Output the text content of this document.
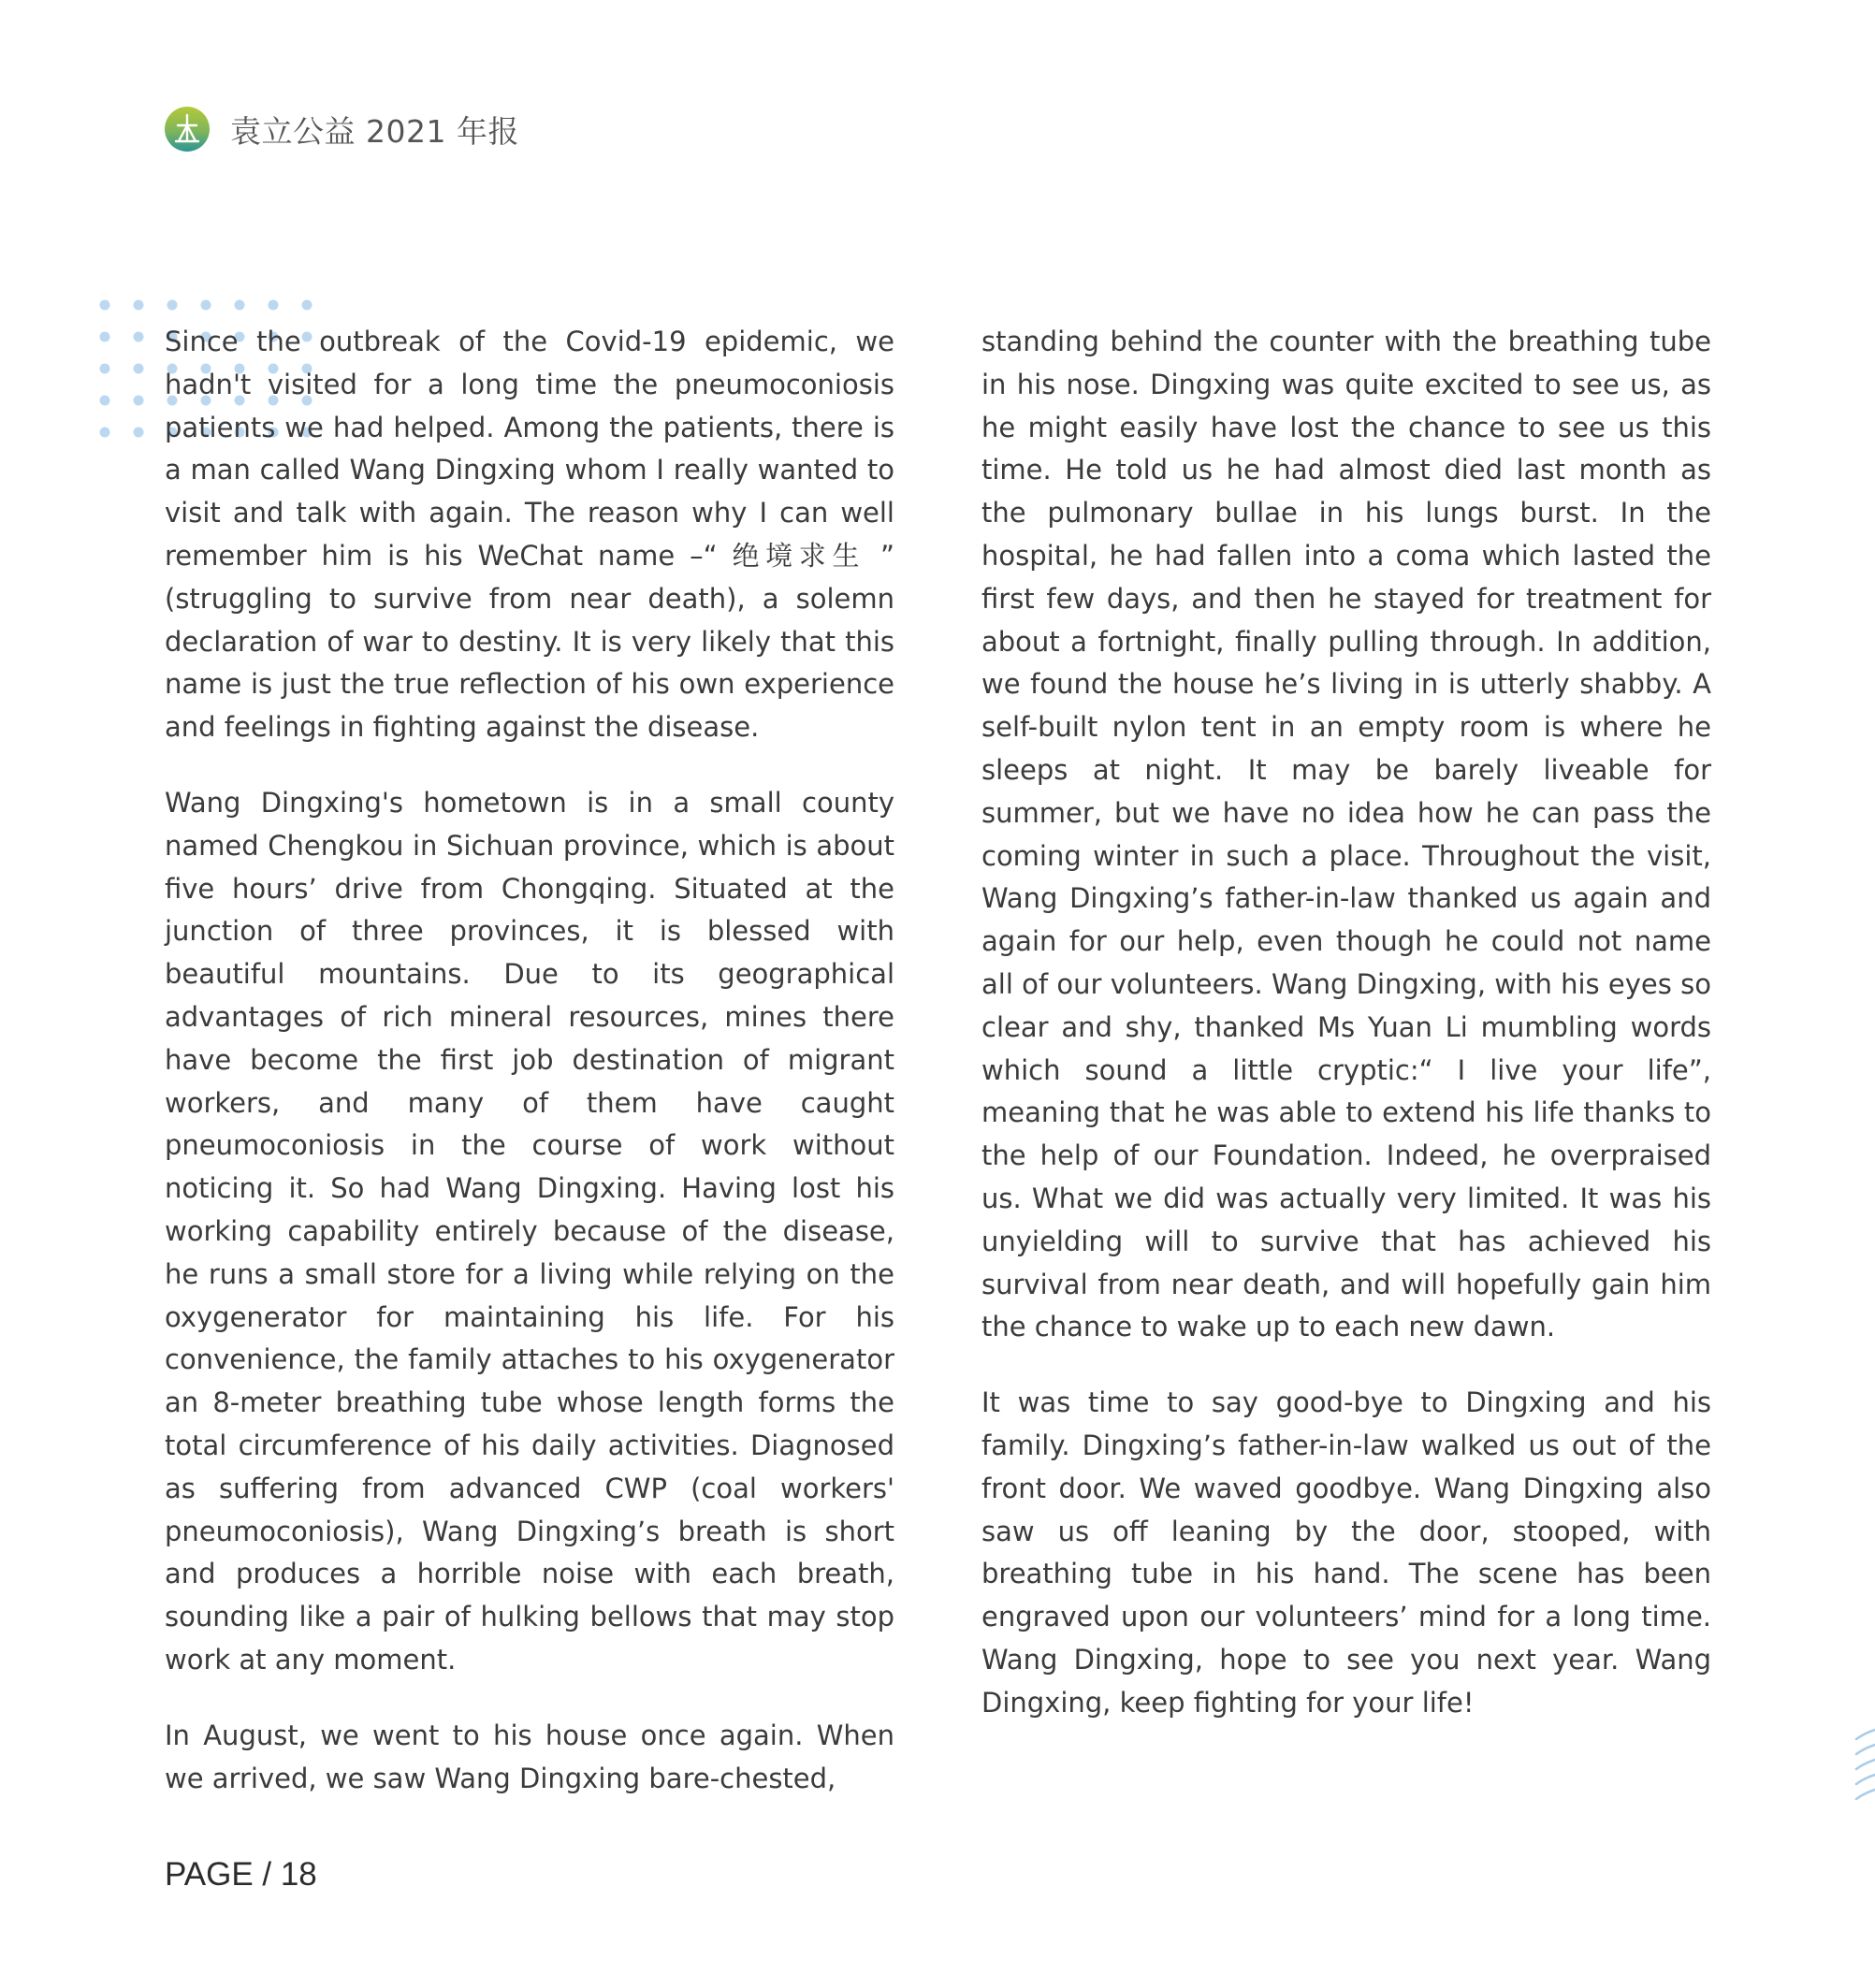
袁立公益 2021 年报

Since the outbreak of the Covid-19 epidemic, we hadn't visited for a long time the pneumoconiosis patients we had helped. Among the patients, there is a man called Wang Dingxing whom I really wanted to visit and talk with again. The reason why I can well remember him is his WeChat name –“ 绝境求生 ” (struggling to survive from near death), a solemn declaration of war to destiny. It is very likely that this name is just the true reflection of his own experience and feelings in fighting against the disease.

Wang Dingxing's hometown is in a small county named Chengkou in Sichuan province, which is about five hours’ drive from Chongqing. Situated at the junction of three provinces, it is blessed with beautiful mountains. Due to its geographical advantages of rich mineral resources, mines there have become the first job destination of migrant workers, and many of them have caught pneumoconiosis in the course of work without noticing it. So had Wang Dingxing. Having lost his working capability entirely because of the disease, he runs a small store for a living while relying on the oxygenerator for maintaining his life. For his convenience, the family attaches to his oxygenerator an 8-meter breathing tube whose length forms the total circumference of his daily activities. Diagnosed as suffering from advanced CWP (coal workers' pneumoconiosis), Wang Dingxing’s breath is short and produces a horrible noise with each breath, sounding like a pair of hulking bellows that may stop work at any moment.

In August, we went to his house once again. When we arrived, we saw Wang Dingxing bare-chested,

standing behind the counter with the breathing tube in his nose. Dingxing was quite excited to see us, as he might easily have lost the chance to see us this time. He told us he had almost died last month as the pulmonary bullae in his lungs burst. In the hospital, he had fallen into a coma which lasted the first few days, and then he stayed for treatment for about a fortnight, finally pulling through. In addition, we found the house he’s living in is utterly shabby. A self-built nylon tent in an empty room is where he sleeps at night. It may be barely liveable for summer, but we have no idea how he can pass the coming winter in such a place. Throughout the visit, Wang Dingxing’s father-in-law thanked us again and again for our help, even though he could not name all of our volunteers. Wang Dingxing, with his eyes so clear and shy, thanked Ms Yuan Li mumbling words which sound a little cryptic:“ I live your life”, meaning that he was able to extend his life thanks to the help of our Foundation. Indeed, he overpraised us. What we did was actually very limited. It was his unyielding will to survive that has achieved his survival from near death, and will hopefully gain him the chance to wake up to each new dawn.

It was time to say good-bye to Dingxing and his family. Dingxing’s father-in-law walked us out of the front door. We waved goodbye. Wang Dingxing also saw us off leaning by the door, stooped, with breathing tube in his hand. The scene has been engraved upon our volunteers’ mind for a long time. Wang Dingxing, hope to see you next year. Wang Dingxing, keep fighting for your life!

PAGE / 18
